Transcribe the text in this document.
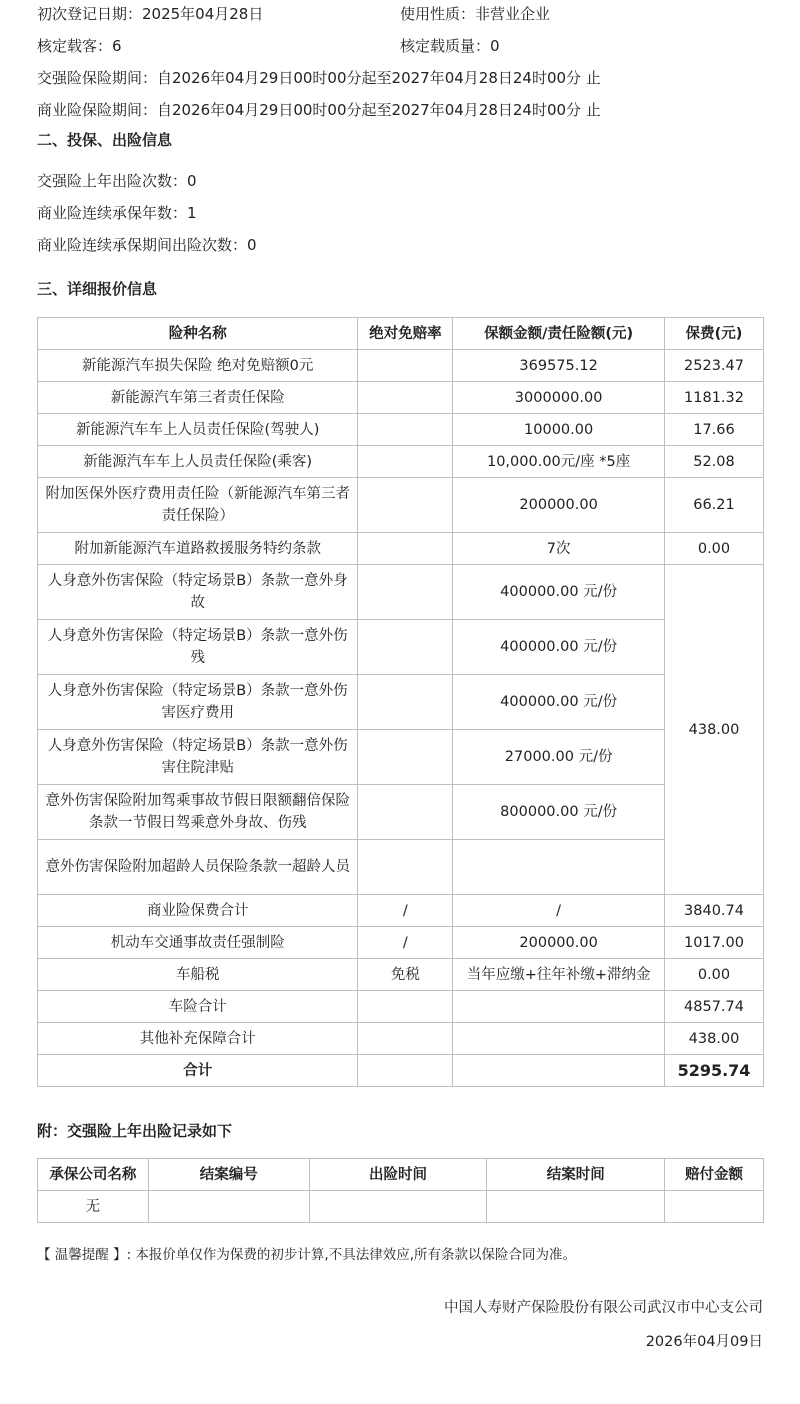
初次登记日期：2025年04月28日	使用性质：非营业企业
核定载客：6	核定载质量：0
交强险保险期间：自2026年04月29日00时00分起至2027年04月28日24时00分 止
商业险保险期间：自2026年04月29日00时00分起至2027年04月28日24时00分 止
二、投保、出险信息
交强险上年出险次数：0
商业险连续承保年数：1
商业险连续承保期间出险次数：0
三、详细报价信息
险种名称	绝对免赔率	保额金额/责任险额(元)	保费(元)
新能源汽车损失保险 绝对免赔额0元		369575.12	2523.47
新能源汽车第三者责任保险		3000000.00	1181.32
新能源汽车车上人员责任保险(驾驶人)		10000.00	17.66
新能源汽车车上人员责任保险(乘客)		10,000.00元/座 *5座	52.08
附加医保外医疗费用责任险（新能源汽车第三者责任保险）		200000.00	66.21
附加新能源汽车道路救援服务特约条款		7次	0.00
人身意外伤害保险（特定场景B）条款一意外身故		400000.00 元/份	438.00
人身意外伤害保险（特定场景B）条款一意外伤残		400000.00 元/份	
人身意外伤害保险（特定场景B）条款一意外伤害医疗费用		400000.00 元/份	
人身意外伤害保险（特定场景B）条款一意外伤害住院津贴		27000.00 元/份	
意外伤害保险附加驾乘事故节假日限额翻倍保险条款一节假日驾乘意外身故、伤残		800000.00 元/份	
意外伤害保险附加超龄人员保险条款一超龄人员			
商业险保费合计	/	/	3840.74
机动车交通事故责任强制险	/	200000.00	1017.00
车船税	免税	当年应缴+往年补缴+滞纳金	0.00
车险合计			4857.74
其他补充保障合计			438.00
合计			5295.74
附：交强险上年出险记录如下
承保公司名称	结案编号	出险时间	结案时间	赔付金额
无				
【 温馨提醒 】: 本报价单仅作为保费的初步计算,不具法律效应,所有条款以保险合同为准。
中国人寿财产保险股份有限公司武汉市中心支公司
2026年04月09日
